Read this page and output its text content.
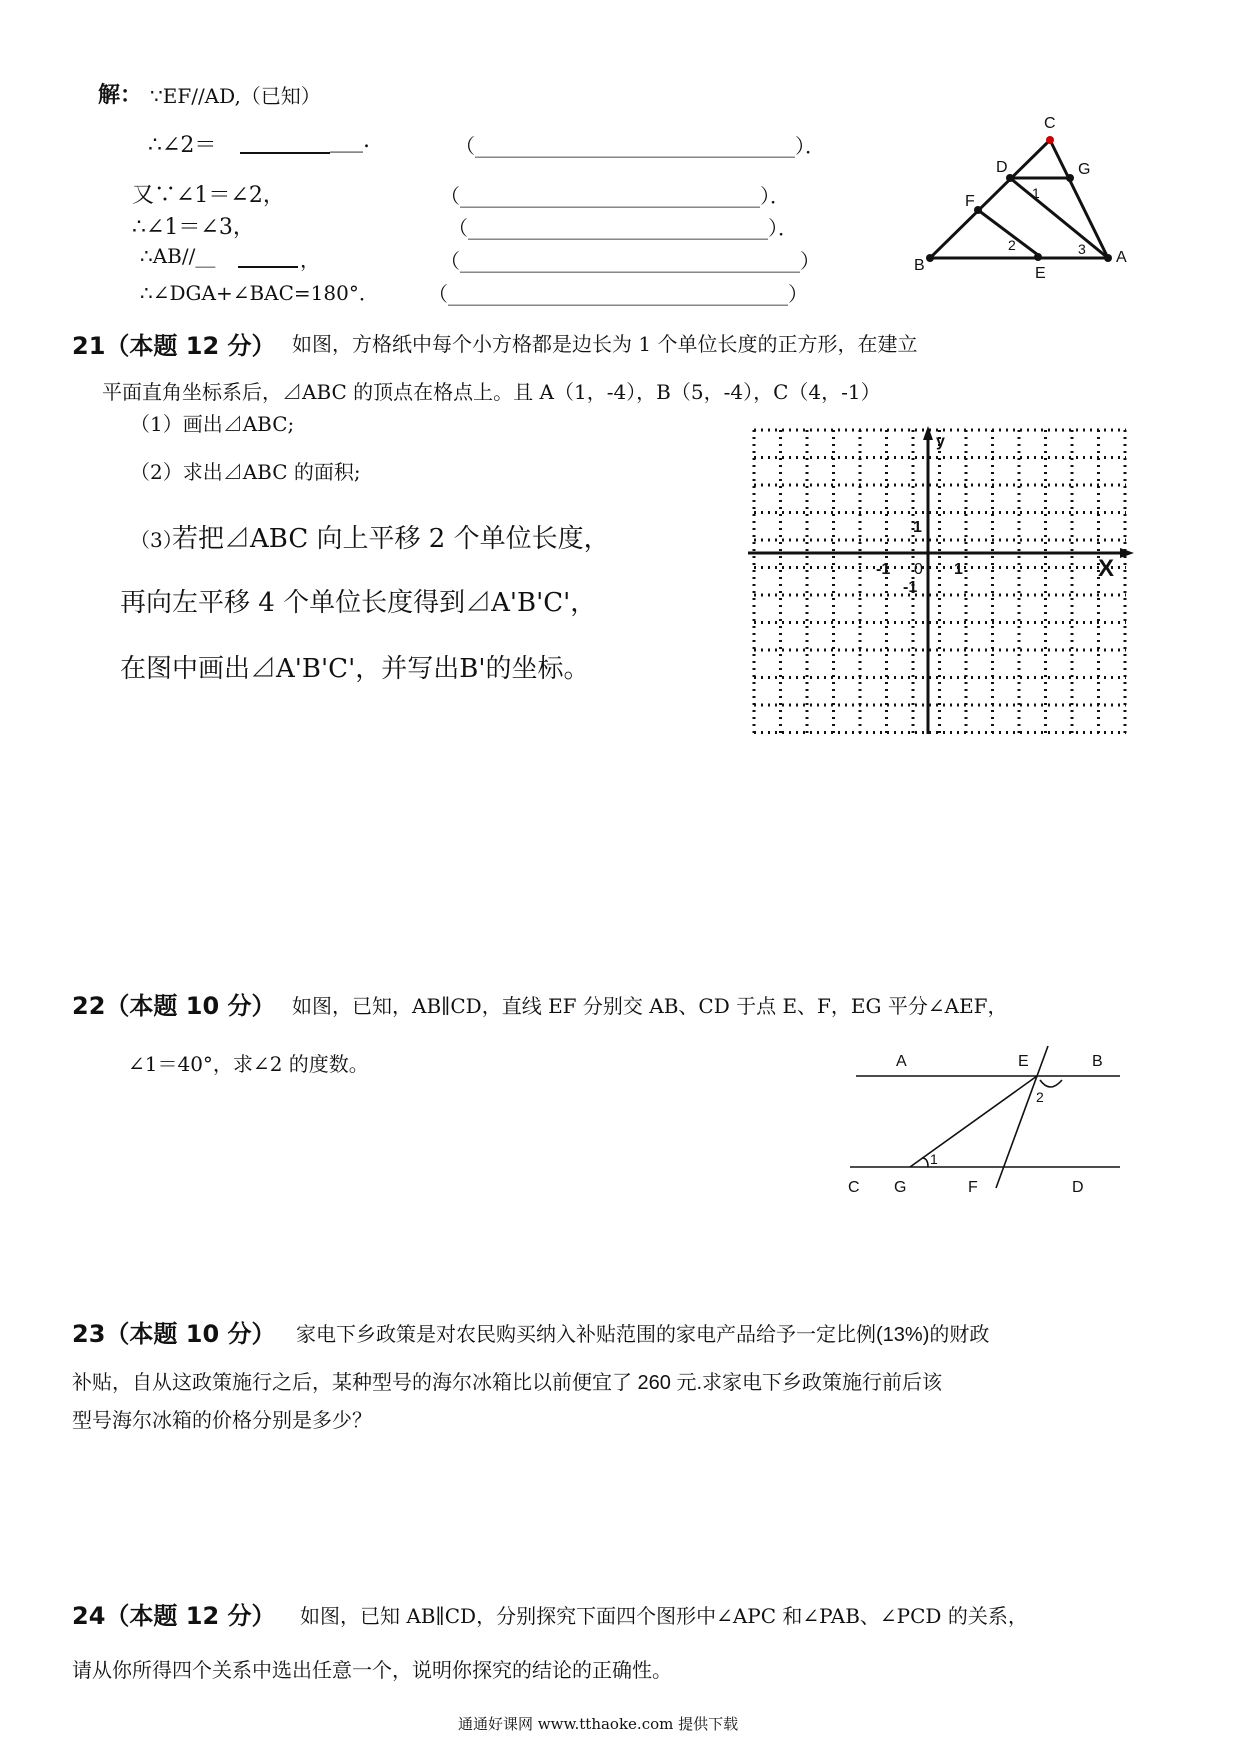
解： ∵EF//AD,（已知）
∴∠2＝	___.	（________________________________）．
又∵∠1＝∠2，	（______________________________）．
∴∠1＝∠3，	（______________________________）．
∴AB//__	，	（__________________________________）
∴∠DGA+∠BAC=180°． （__________________________________）
C
D	G
F	1
2	3
B	E
A
21（本题 12 分） 如图，方格纸中每个小方格都是边长为 1 个单位长度的正方形，在建立
平面直角坐标系后，⊿ABC 的顶点在格点上。且 A（1，-4），B（5，-4），C（4，-1）
（1）画出⊿ABC;
（2）求出⊿ABC 的面积;
（3）
若把⊿ABC 向上平移 2 个单位长度，
再向左平移 4 个单位长度得到⊿A'B'C'，
在图中画出⊿A'B'C'，并写出B'的坐标。
y
X
1
-1 0 1
-1
22（本题 10 分） 如图，已知，AB∥CD，直线 EF 分别交 AB、CD 于点 E、F，EG 平分∠AEF，
∠1＝40°，求∠2 的度数。	A	E	B
2
1
C G	F	D
23（本题 10 分） 家电下乡政策是对农民购买纳入补贴范围的家电产品给予一定比例(13%)的财政
补贴，自从这政策施行之后，某种型号的海尔冰箱比以前便宜了 260 元.求家电下乡政策施行前后该
型号海尔冰箱的价格分别是多少？
24（本题 12 分） 如图，已知 AB∥CD，分别探究下面四个图形中∠APC 和∠PAB、∠PCD 的关系，
请从你所得四个关系中选出任意一个，说明你探究的结论的正确性。
通通好课网 www.tthaoke.com 提供下载
